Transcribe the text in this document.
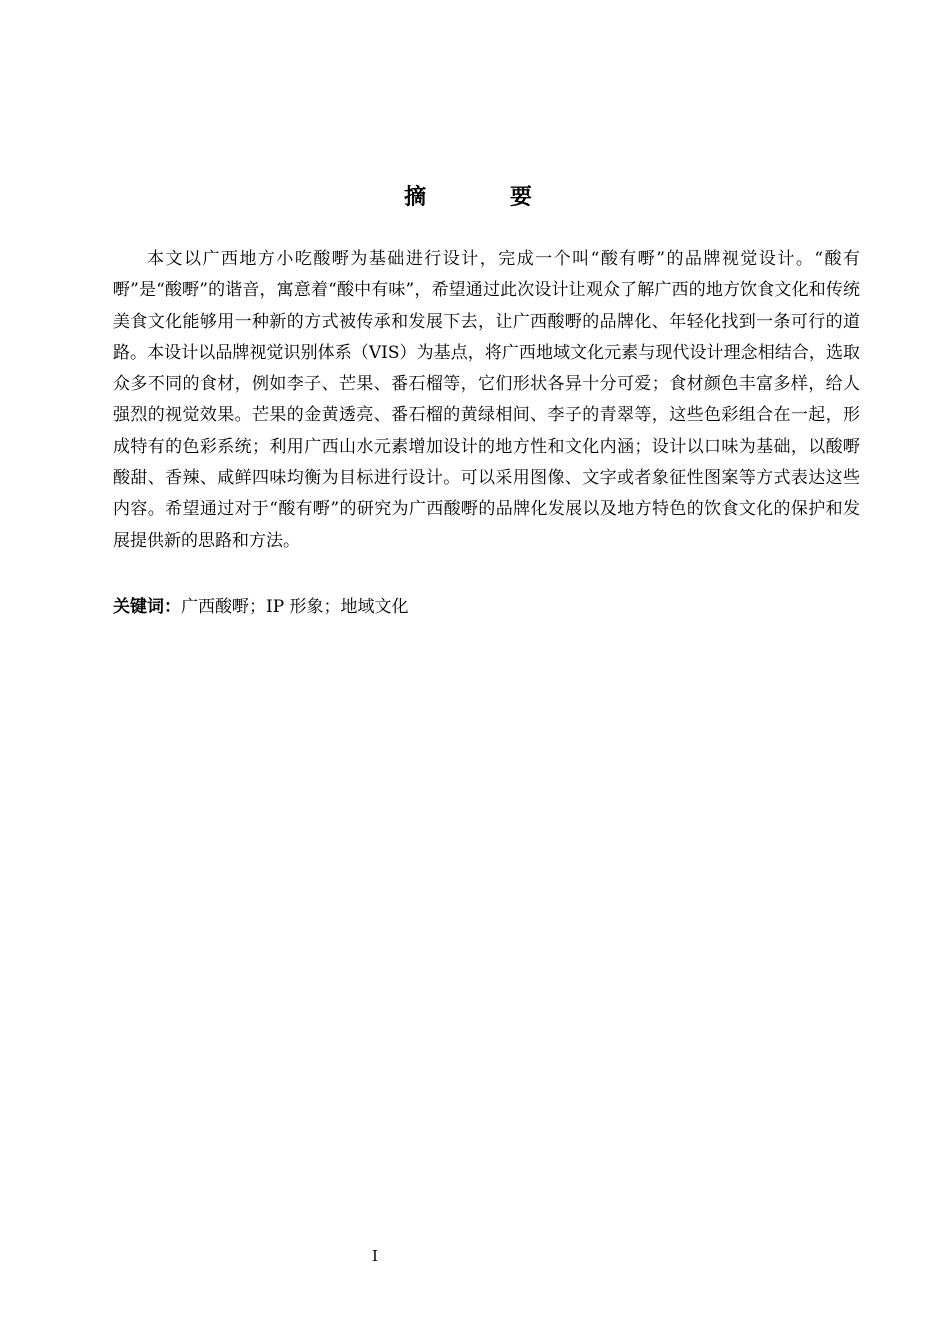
摘 要

本文以广西地方小吃酸嘢为基础进行设计，完成一个叫“酸有嘢”的品牌视觉设计。“酸有嘢”是“酸嘢”的谐音，寓意着“酸中有味”，希望通过此次设计让观众了解广西的地方饮食文化和传统美食文化能够用一种新的方式被传承和发展下去，让广西酸嘢的品牌化、年轻化找到一条可行的道路。本设计以品牌视觉识别体系（VIS）为基点，将广西地域文化元素与现代设计理念相结合，选取众多不同的食材，例如李子、芒果、番石榴等，它们形状各异十分可爱；食材颜色丰富多样，给人强烈的视觉效果。芒果的金黄透亮、番石榴的黄绿相间、李子的青翠等，这些色彩组合在一起，形成特有的色彩系统；利用广西山水元素增加设计的地方性和文化内涵；设计以口味为基础，以酸嘢酸甜、香辣、咸鲜四味均衡为目标进行设计。可以采用图像、文字或者象征性图案等方式表达这些内容。希望通过对于“酸有嘢”的研究为广西酸嘢的品牌化发展以及地方特色的饮食文化的保护和发展提供新的思路和方法。

关键词：广西酸嘢；IP 形象；地域文化

I
